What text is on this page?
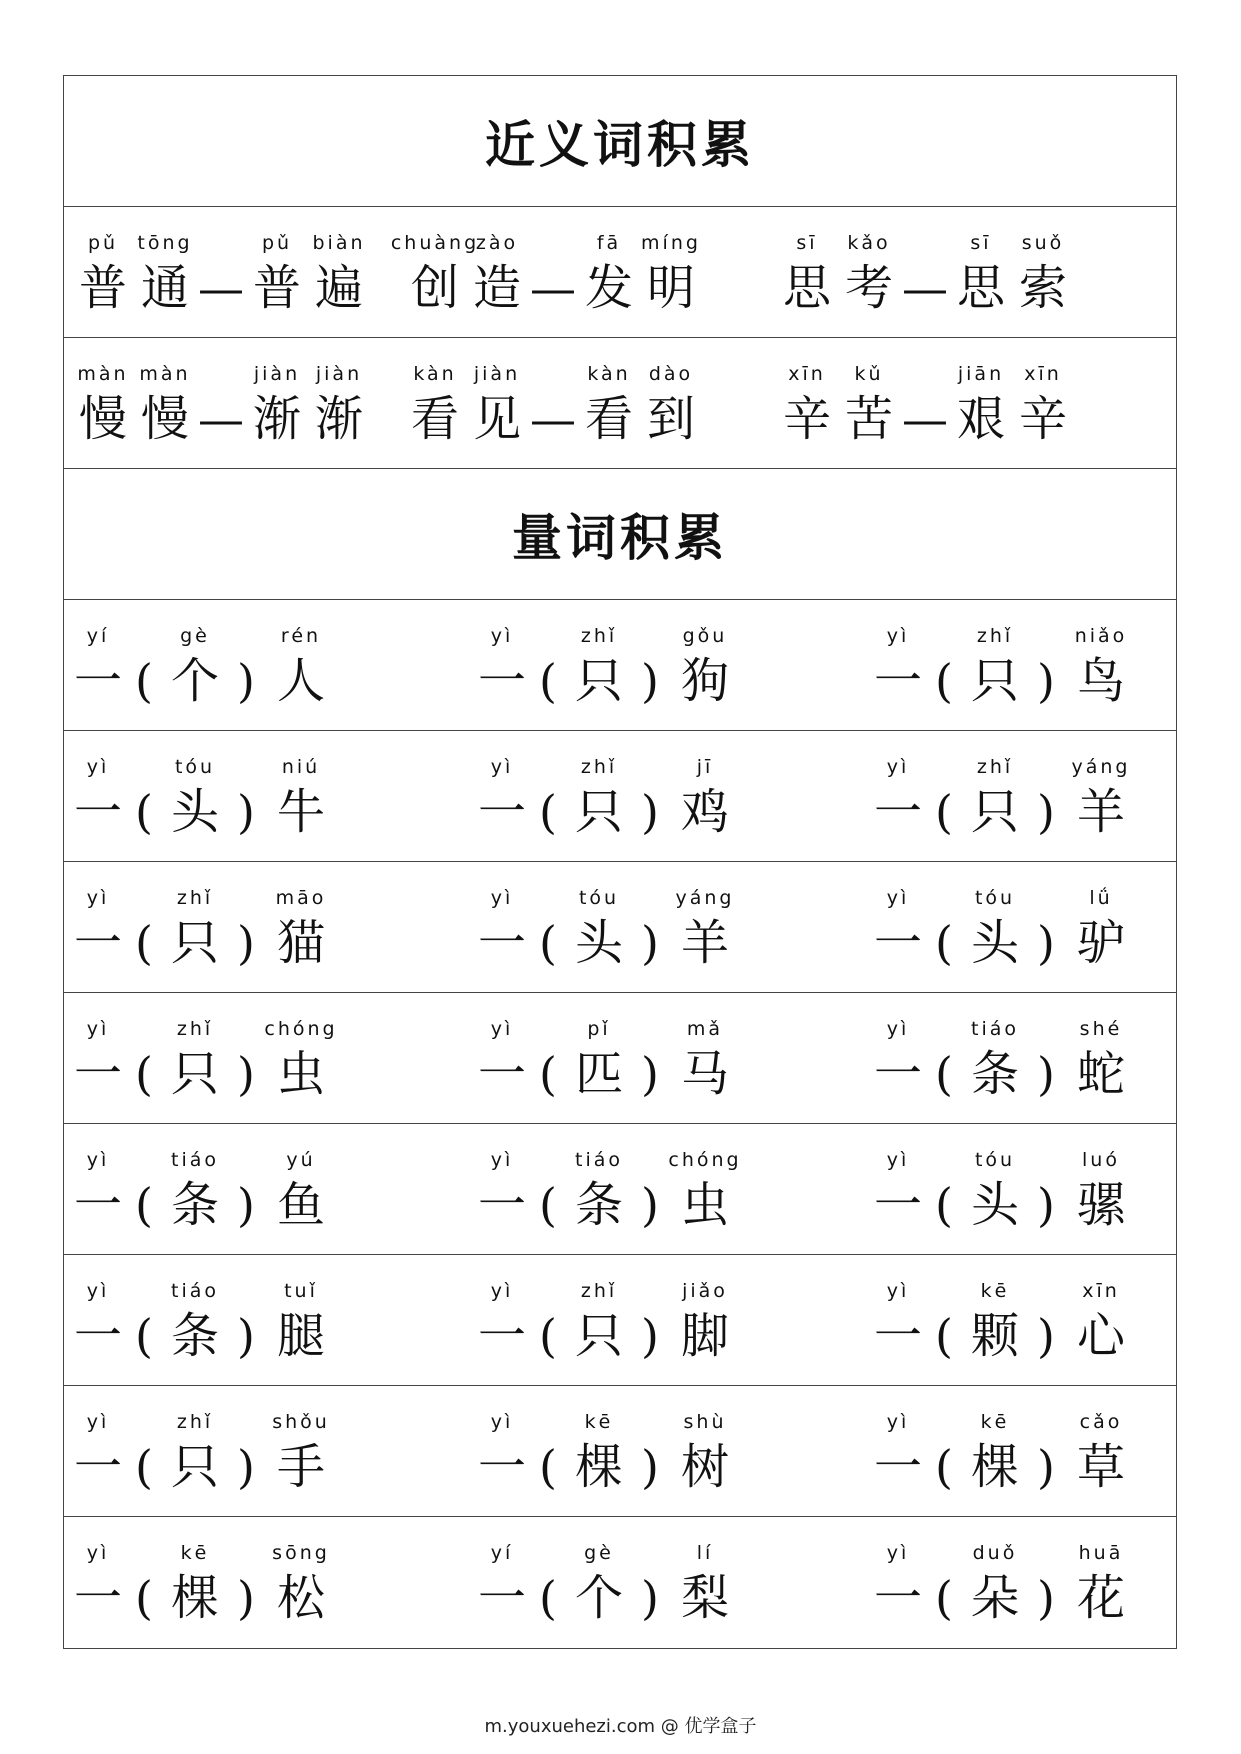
近义词积累
pǔ
普
tōng
通 —
pǔ
普
biàn
遍
chuàng
创
zào
造 —
fā
发
míng
明
sī
思
kǎo
考 —
sī
思
suǒ
索
màn
慢
màn
慢 —
jiàn
渐
jiàn
渐
kàn
看
jiàn
见 —
kàn
看
dào
到
xīn
辛
kǔ
苦 —
jiān
艰
xīn
辛
量词积累
yí
一 (
gè
个 )
rén
人
yì
一 (
zhǐ
只 )
gǒu
狗
yì
一 (
zhǐ
只 )
niǎo
鸟
yì
一 (
tóu
头 )
niú
牛
yì
一 (
zhǐ
只 )
jī
鸡
yì
一 (
zhǐ
只 )
yáng
羊
yì
一 (
zhǐ
只 )
māo
猫
yì
一 (
tóu
头 )
yáng
羊
yì
一 (
tóu
头 )
lǘ
驴
yì
一 (
zhǐ
只 )
chóng
虫
yì
一 (
pǐ
匹 )
mǎ
马
yì
一 (
tiáo
条 )
shé
蛇
yì
一 (
tiáo
条 )
yú
鱼
yì
一 (
tiáo
条 )
chóng
虫
yì
一 (
tóu
头 )
luó
骡
yì
一 (
tiáo
条 )
tuǐ
腿
yì
一 (
zhǐ
只 )
jiǎo
脚
yì
一 (
kē
颗 )
xīn
心
yì
一 (
zhǐ
只 )
shǒu
手
yì
一 (
kē
棵 )
shù
树
yì
一 (
kē
棵 )
cǎo
草
yì
一 (
kē
棵 )
sōng
松
yí
一 (
gè
个 )
lí
梨
yì
一 (
duǒ
朵 )
huā
花
m.youxuehezi.com @ 优学盒子
